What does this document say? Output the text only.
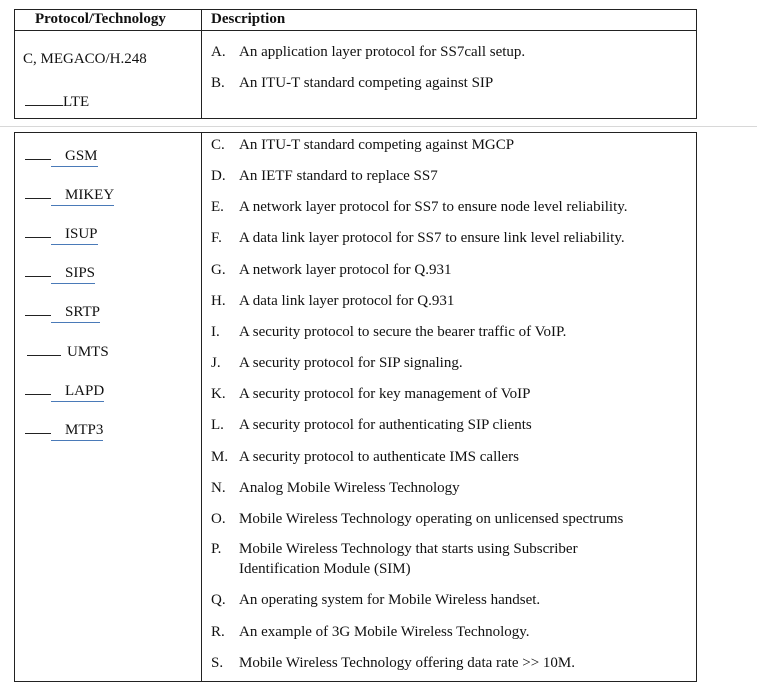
Protocol/Technology	Description
C, MEGACO/H.248
LTE
A. An application layer protocol for SS7call setup.
B. An ITU-T standard competing against SIP
GSM
MIKEY
ISUP
SIPS
SRTP
UMTS
LAPD
MTP3
C. An ITU-T standard competing against MGCP
D. An IETF standard to replace SS7
E. A network layer protocol for SS7 to ensure node level reliability.
F. A data link layer protocol for SS7 to ensure link level reliability.
G. A network layer protocol for Q.931
H. A data link layer protocol for Q.931
I. A security protocol to secure the bearer traffic of VoIP.
J. A security protocol for SIP signaling.
K. A security protocol for key management of VoIP
L. A security protocol for authenticating SIP clients
M. A security protocol to authenticate IMS callers
N. Analog Mobile Wireless Technology
O. Mobile Wireless Technology operating on unlicensed spectrums
P. Mobile Wireless Technology that starts using Subscriber
Identification Module (SIM)
Q. An operating system for Mobile Wireless handset.
R. An example of 3G Mobile Wireless Technology.
S. Mobile Wireless Technology offering data rate >> 10M.
